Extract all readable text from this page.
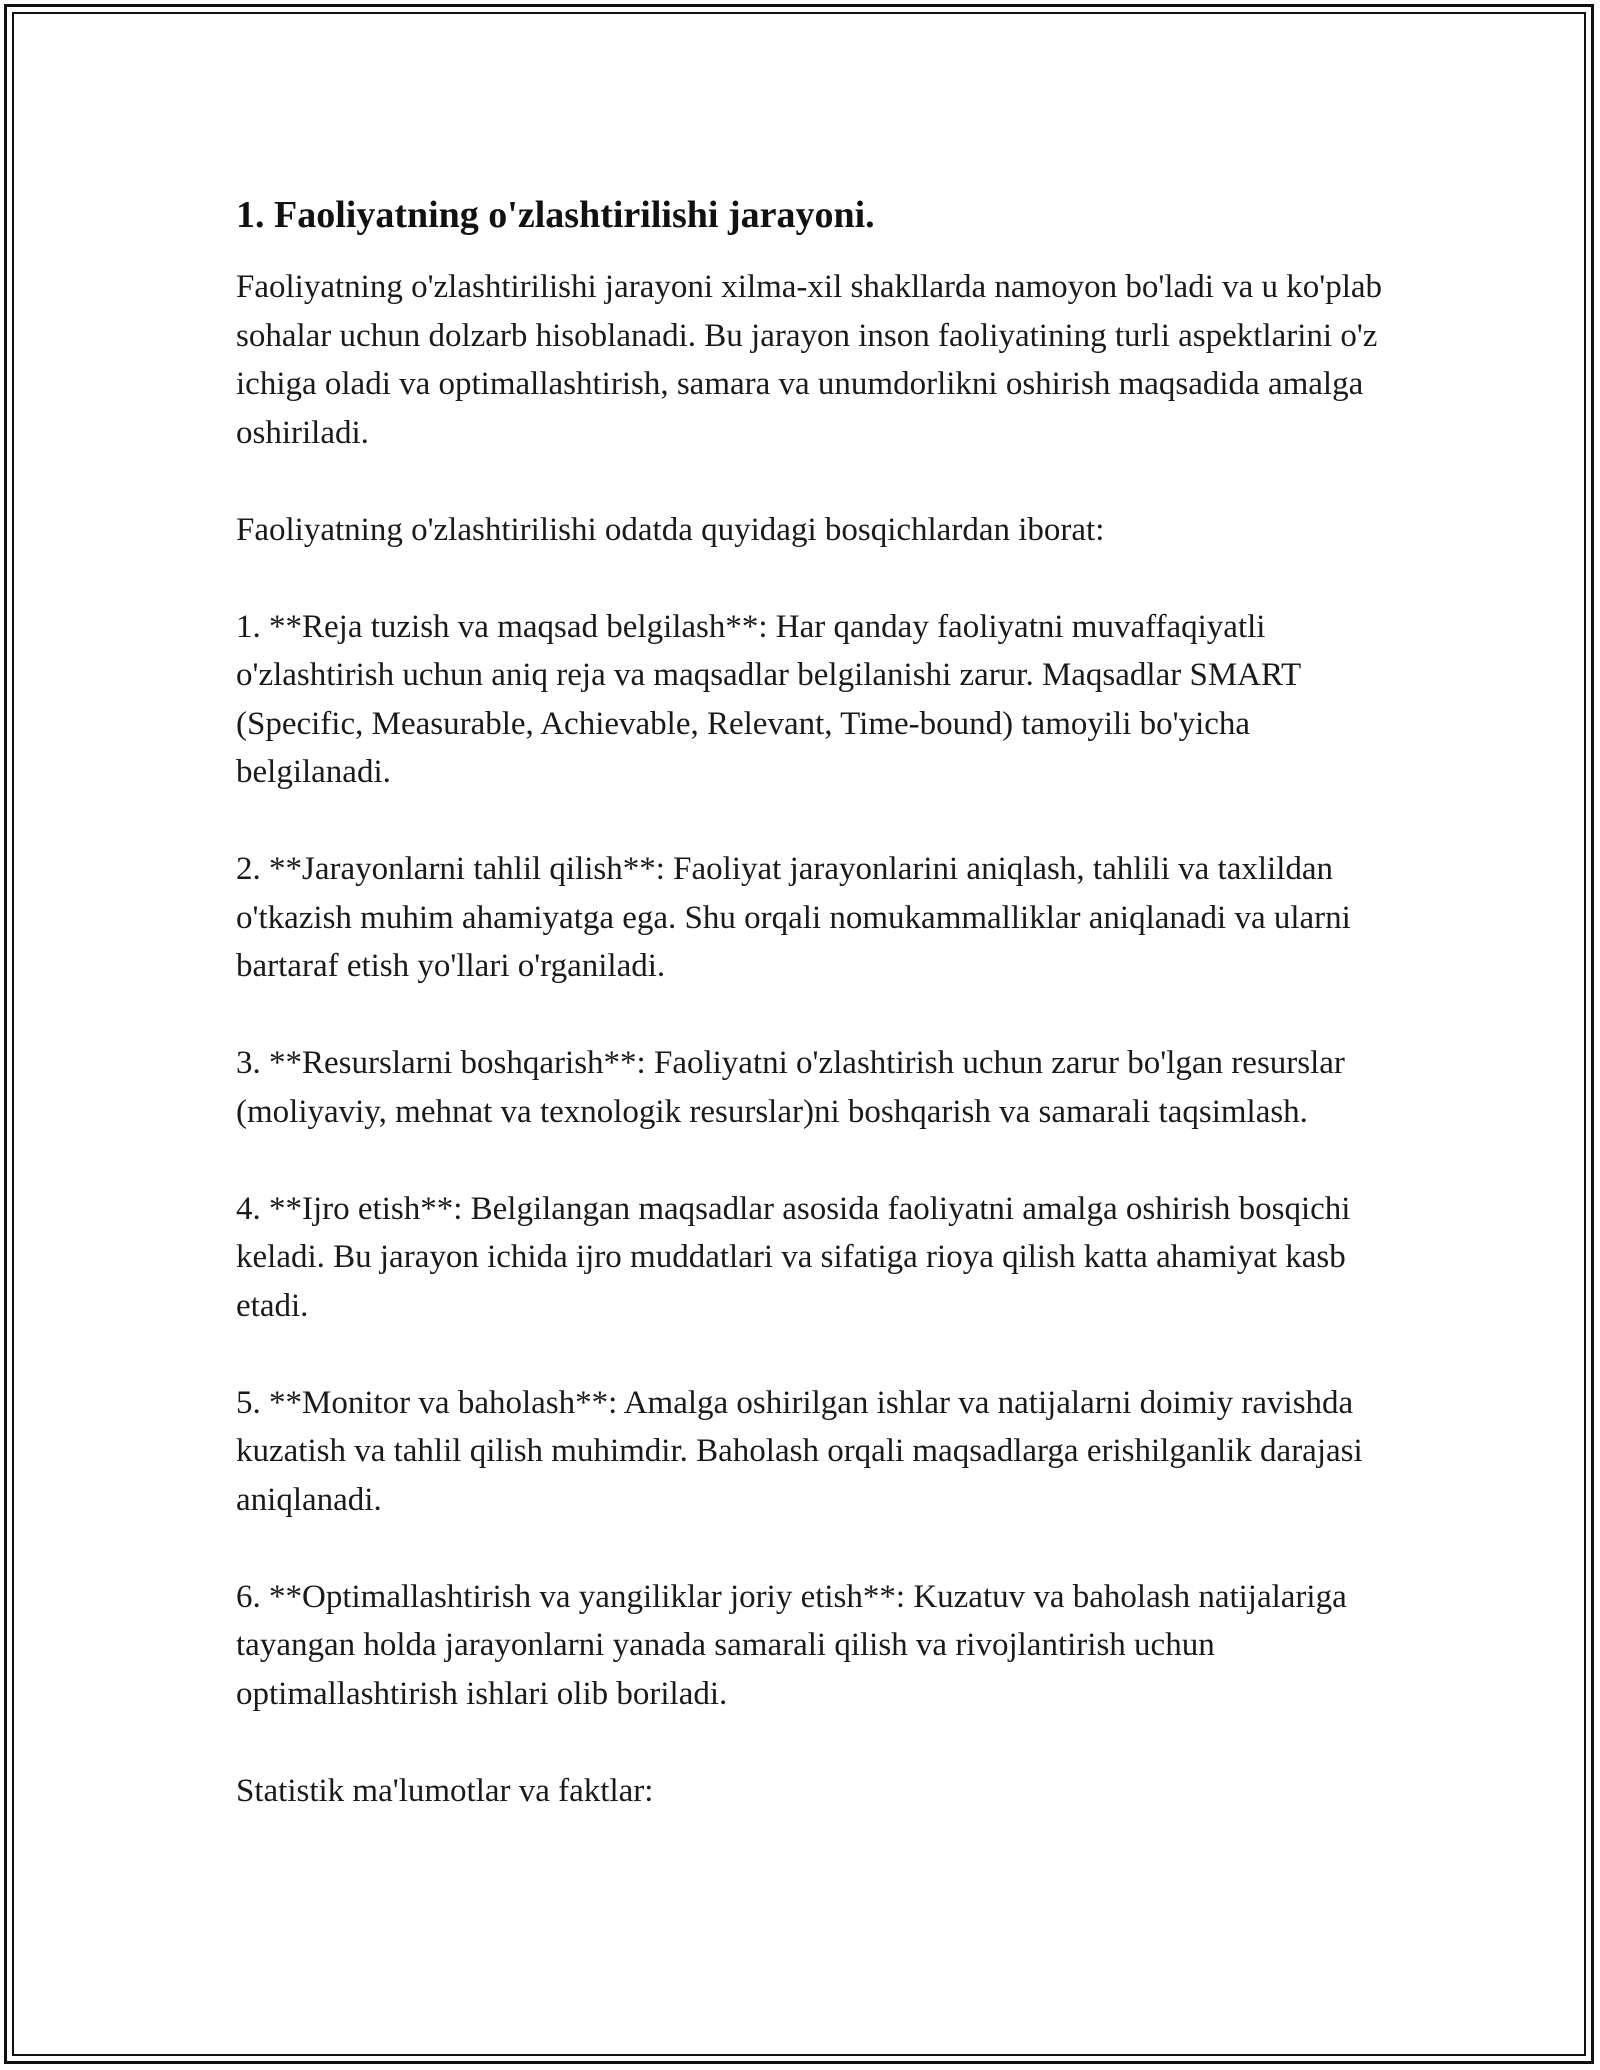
1. Faoliyatning o'zlashtirilishi jarayoni.

Faoliyatning o'zlashtirilishi jarayoni xilma-xil shakllarda namoyon bo'ladi va u ko'plab sohalar uchun dolzarb hisoblanadi. Bu jarayon inson faoliyatining turli aspektlarini o'z ichiga oladi va optimallashtirish, samara va unumdorlikni oshirish maqsadida amalga oshiriladi.

Faoliyatning o'zlashtirilishi odatda quyidagi bosqichlardan iborat:

1. **Reja tuzish va maqsad belgilash**: Har qanday faoliyatni muvaffaqiyatli o'zlashtirish uchun aniq reja va maqsadlar belgilanishi zarur. Maqsadlar SMART (Specific, Measurable, Achievable, Relevant, Time-bound) tamoyili bo'yicha belgilanadi.

2. **Jarayonlarni tahlil qilish**: Faoliyat jarayonlarini aniqlash, tahlili va taxlildan o'tkazish muhim ahamiyatga ega. Shu orqali nomukammalliklar aniqlanadi va ularni bartaraf etish yo'llari o'rganiladi.

3. **Resurslarni boshqarish**: Faoliyatni o'zlashtirish uchun zarur bo'lgan resurslar (moliyaviy, mehnat va texnologik resurslar)ni boshqarish va samarali taqsimlash.

4. **Ijro etish**: Belgilangan maqsadlar asosida faoliyatni amalga oshirish bosqichi keladi. Bu jarayon ichida ijro muddatlari va sifatiga rioya qilish katta ahamiyat kasb etadi.

5. **Monitor va baholash**: Amalga oshirilgan ishlar va natijalarni doimiy ravishda kuzatish va tahlil qilish muhimdir. Baholash orqali maqsadlarga erishilganlik darajasi aniqlanadi.

6. **Optimallashtirish va yangiliklar joriy etish**: Kuzatuv va baholash natijalariga tayangan holda jarayonlarni yanada samarali qilish va rivojlantirish uchun optimallashtirish ishlari olib boriladi.

Statistik ma'lumotlar va faktlar:
